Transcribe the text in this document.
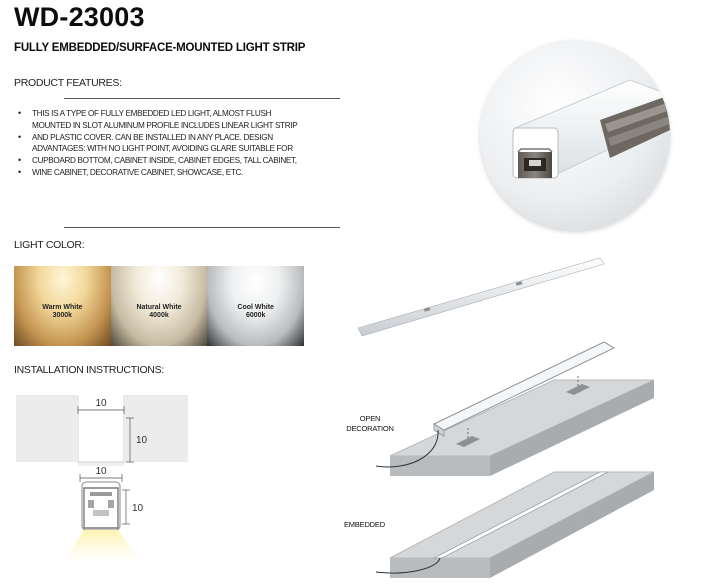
WD-23003
FULLY EMBEDDED/SURFACE-MOUNTED LIGHT STRIP
PRODUCT FEATURES:
• THIS IS A TYPE OF FULLY EMBEDDED LED LIGHT, ALMOST FLUSH
MOUNTED IN SLOT ALUMINUM PROFILE INCLUDES LINEAR LIGHT STRIP
• AND PLASTIC COVER. CAN BE INSTALLED IN ANY PLACE. DESIGN
ADVANTAGES: WITH NO LIGHT POINT, AVOIDING GLARE SUITABLE FOR
• CUPBOARD BOTTOM, CABINET INSIDE, CABINET EDGES, TALL CABINET,
• WINE CABINET, DECORATIVE CABINET, SHOWCASE, ETC.
LIGHT COLOR:
Warm White
3000k
Natural White
4000k
Cool White
6000k
INSTALLATION INSTRUCTIONS:
10
10
10
10
OPEN
DECORATION
EMBEDDED
